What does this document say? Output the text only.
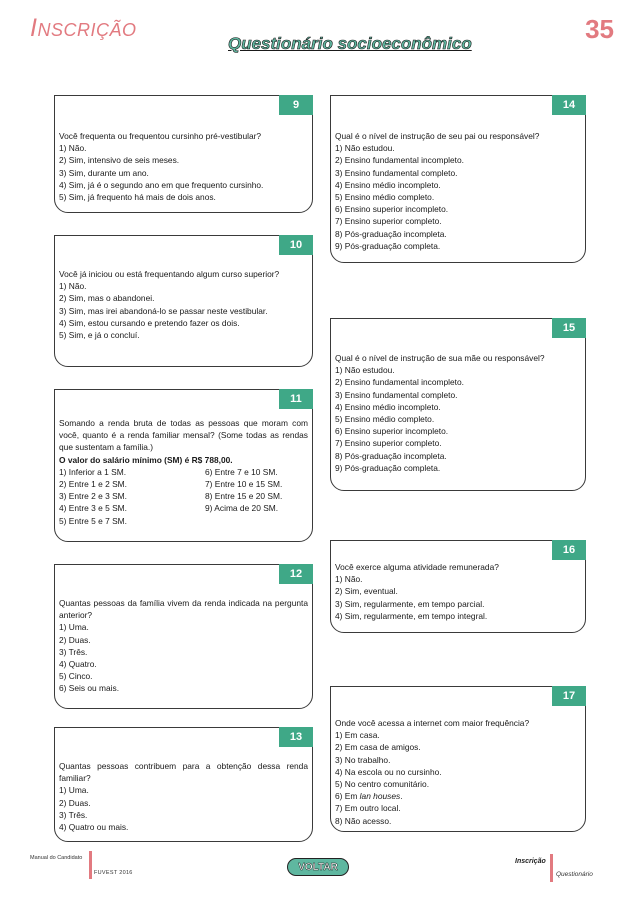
INSCRIÇÃO
Questionário socioeconômico	35
9

Você frequenta ou frequentou cursinho pré-vestibular?

1) Não.

2) Sim, intensivo de seis meses.

3) Sim, durante um ano.

4) Sim, já é o segundo ano em que frequento cursinho.

5) Sim, já frequento há mais de dois anos.

10

Você já iniciou ou está frequentando algum curso superior?

1) Não.

2) Sim, mas o abandonei.

3) Sim, mas irei abandoná-lo se passar neste vestibular.

4) Sim, estou cursando e pretendo fazer os dois.

5) Sim, e já o concluí.

11

Somando a renda bruta de todas as pessoas que moram com você, quanto é a renda familiar mensal? (Some todas as rendas que sustentam a família.)

O valor do salário mínimo (SM) é R$ 788,00.

1) Inferior a 1 SM.

2) Entre 1 e 2 SM.

3) Entre 2 e 3 SM.

4) Entre 3 e 5 SM.

5) Entre 5 e 7 SM.

6) Entre 7 e 10 SM.

7) Entre 10 e 15 SM.

8) Entre 15 e 20 SM.

9) Acima de 20 SM.

12

Quantas pessoas da família vivem da renda indicada na pergunta anterior?

1) Uma.

2) Duas.

3) Três.

4) Quatro.

5) Cinco.

6) Seis ou mais.

13

Quantas pessoas contribuem para a obtenção dessa renda familiar?

1) Uma.

2) Duas.

3) Três.

4) Quatro ou mais.

14

Qual é o nível de instrução de seu pai ou responsável?

1) Não estudou.

2) Ensino fundamental incompleto.

3) Ensino fundamental completo.

4) Ensino médio incompleto.

5) Ensino médio completo.

6) Ensino superior incompleto.

7) Ensino superior completo.

8) Pós-graduação incompleta.

9) Pós-graduação completa.

15

Qual é o nível de instrução de sua mãe ou responsável?

1) Não estudou.

2) Ensino fundamental incompleto.

3) Ensino fundamental completo.

4) Ensino médio incompleto.

5) Ensino médio completo.

6) Ensino superior incompleto.

7) Ensino superior completo.

8) Pós-graduação incompleta.

9) Pós-graduação completa.

16

Você exerce alguma atividade remunerada?

1) Não.

2) Sim, eventual.

3) Sim, regularmente, em tempo parcial.

4) Sim, regularmente, em tempo integral.

17

Onde você acessa a internet com maior frequência?

1) Em casa.

2) Em casa de amigos.

3) No trabalho.

4) Na escola ou no cursinho.

5) No centro comunitário.

6) Em lan houses.

7) Em outro local.

8) Não acesso.

Manual do Candidato
FUVEST 2016
VOLTAR	Inscrição
Questionário
